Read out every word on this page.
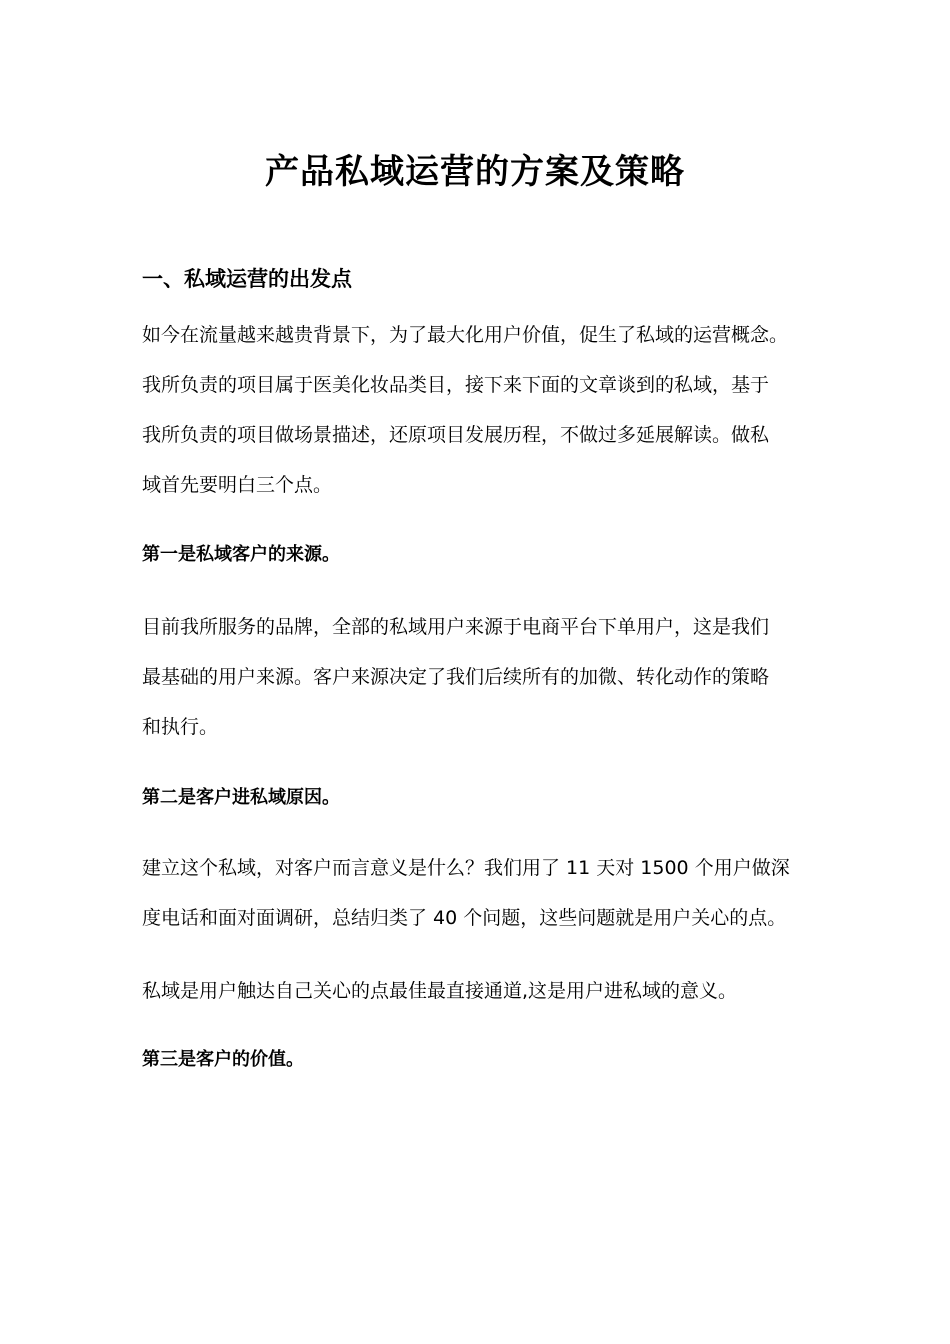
产品私域运营的方案及策略
一、私域运营的出发点
如今在流量越来越贵背景下，为了最大化用户价值，促生了私域的运营概念。
我所负责的项目属于医美化妆品类目，接下来下面的文章谈到的私域，基于
我所负责的项目做场景描述，还原项目发展历程，不做过多延展解读。做私
域首先要明白三个点。
第一是私域客户的来源。
目前我所服务的品牌，全部的私域用户来源于电商平台下单用户，这是我们
最基础的用户来源。客户来源决定了我们后续所有的加微、转化动作的策略
和执行。
第二是客户进私域原因。
建立这个私域，对客户而言意义是什么？我们用了 11 天对 1500 个用户做深
度电话和面对面调研，总结归类了 40 个问题，这些问题就是用户关心的点。
私域是用户触达自己关心的点最佳最直接通道,这是用户进私域的意义。
第三是客户的价值。
